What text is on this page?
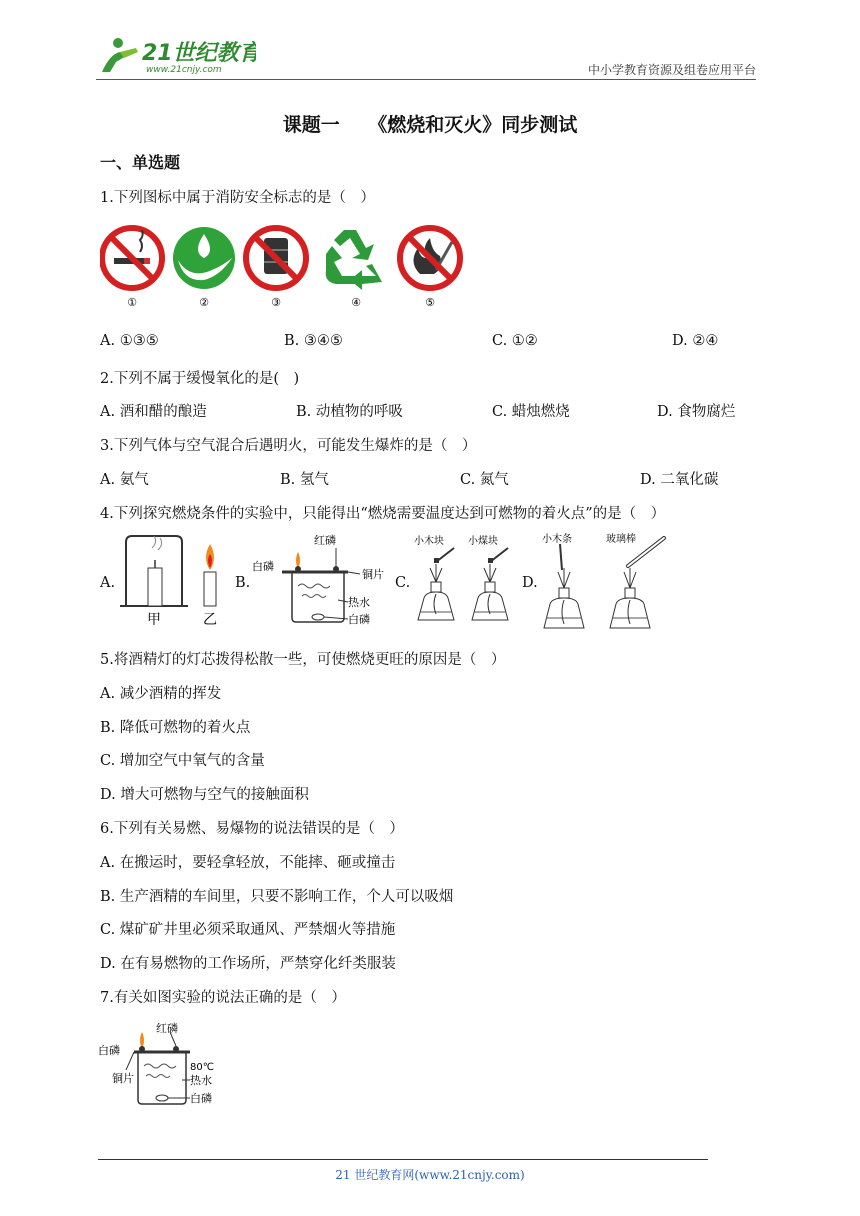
21世纪教育
www.21cnjy.com	中小学教育资源及组卷应用平台
课题一　　《燃烧和灭火》同步测试
一、单选题
1.下列图标中属于消防安全标志的是（　）
①	②	③	④	⑤
A. ①③⑤	B. ③④⑤	C. ①②	D. ②④
2.下列不属于缓慢氧化的是(　)
A. 酒和醋的酿造	B. 动植物的呼吸	C. 蜡烛燃烧	D. 食物腐烂
3.下列气体与空气混合后遇明火，可能发生爆炸的是（　）
A. 氨气	B. 氢气	C. 氮气	D. 二氧化碳
4.下列探究燃烧条件的实验中，只能得出“燃烧需要温度达到可燃物的着火点”的是（　）
A.
甲	乙
B.
白磷
红磷
铜片
热水
白磷
C.
小木块 小煤块
D.
小木条	玻璃棒
5.将酒精灯的灯芯拨得松散一些，可使燃烧更旺的原因是（　）
A. 减少酒精的挥发
B. 降低可燃物的着火点
C. 增加空气中氧气的含量
D. 增大可燃物与空气的接触面积
6.下列有关易燃、易爆物的说法错误的是（　）
A. 在搬运时，要轻拿轻放，不能摔、砸或撞击
B. 生产酒精的车间里，只要不影响工作，个人可以吸烟
C. 煤矿矿井里必须采取通风、严禁烟火等措施
D. 在有易燃物的工作场所，严禁穿化纤类服装
7.有关如图实验的说法正确的是（　）
红磷
白磷
铜片
80℃
热水
白磷
21 世纪教育网(www.21cnjy.com)
